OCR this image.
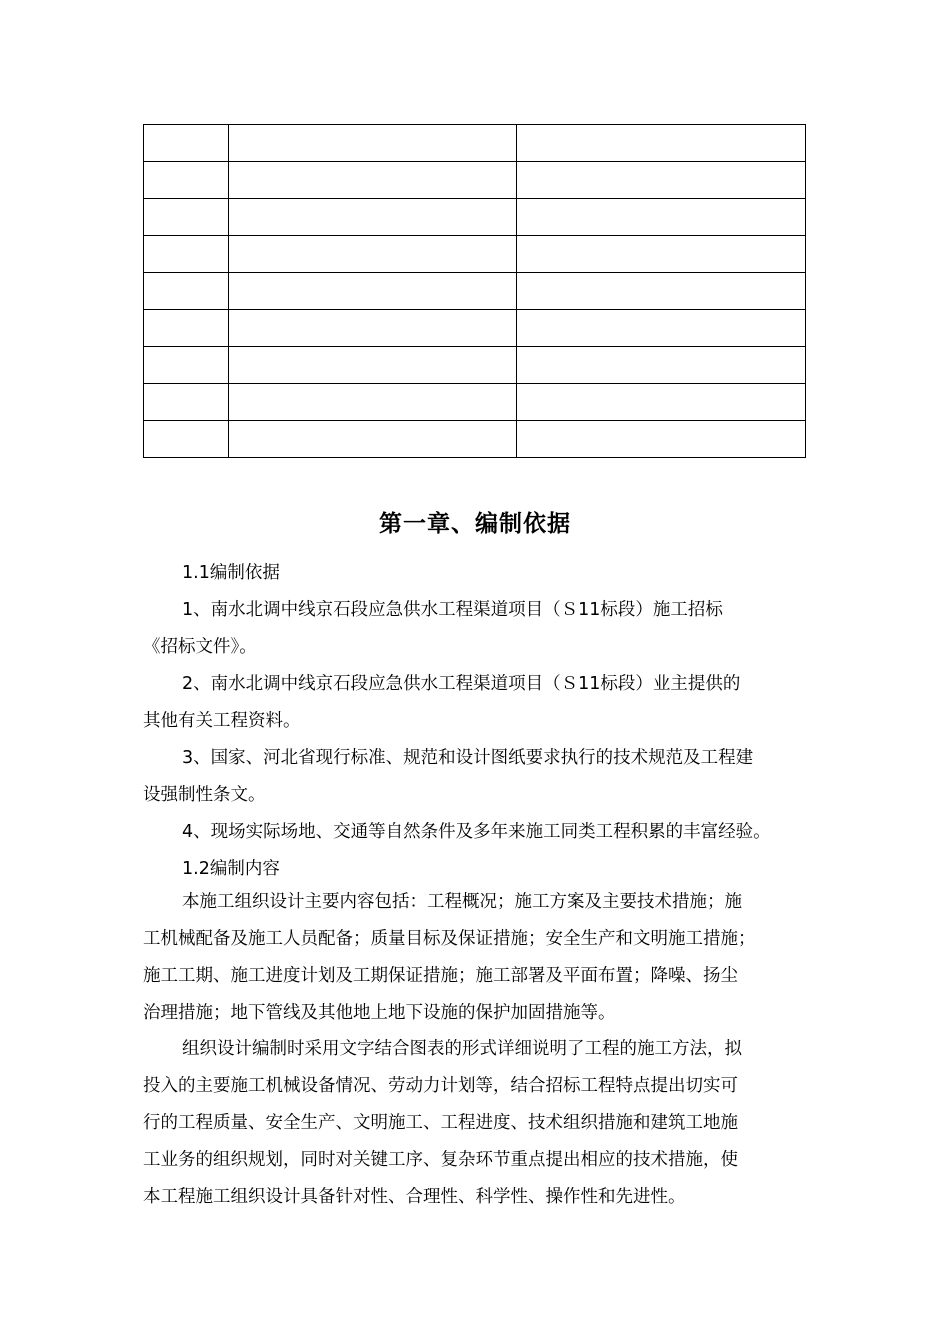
第一章、编制依据
1.1编制依据
1、南水北调中线京石段应急供水工程渠道项目（Ｓ11标段）施工招标
《招标文件》。
2、南水北调中线京石段应急供水工程渠道项目（Ｓ11标段）业主提供的
其他有关工程资料。
3、国家、河北省现行标准、规范和设计图纸要求执行的技术规范及工程建
设强制性条文。
4、现场实际场地、交通等自然条件及多年来施工同类工程积累的丰富经验。
1.2编制内容
本施工组织设计主要内容包括：工程概况；施工方案及主要技术措施；施
工机械配备及施工人员配备；质量目标及保证措施；安全生产和文明施工措施；
施工工期、施工进度计划及工期保证措施；施工部署及平面布置；降噪、扬尘
治理措施；地下管线及其他地上地下设施的保护加固措施等。
组织设计编制时采用文字结合图表的形式详细说明了工程的施工方法，拟
投入的主要施工机械设备情况、劳动力计划等，结合招标工程特点提出切实可
行的工程质量、安全生产、文明施工、工程进度、技术组织措施和建筑工地施
工业务的组织规划，同时对关键工序、复杂环节重点提出相应的技术措施，使
本工程施工组织设计具备针对性、合理性、科学性、操作性和先进性。
